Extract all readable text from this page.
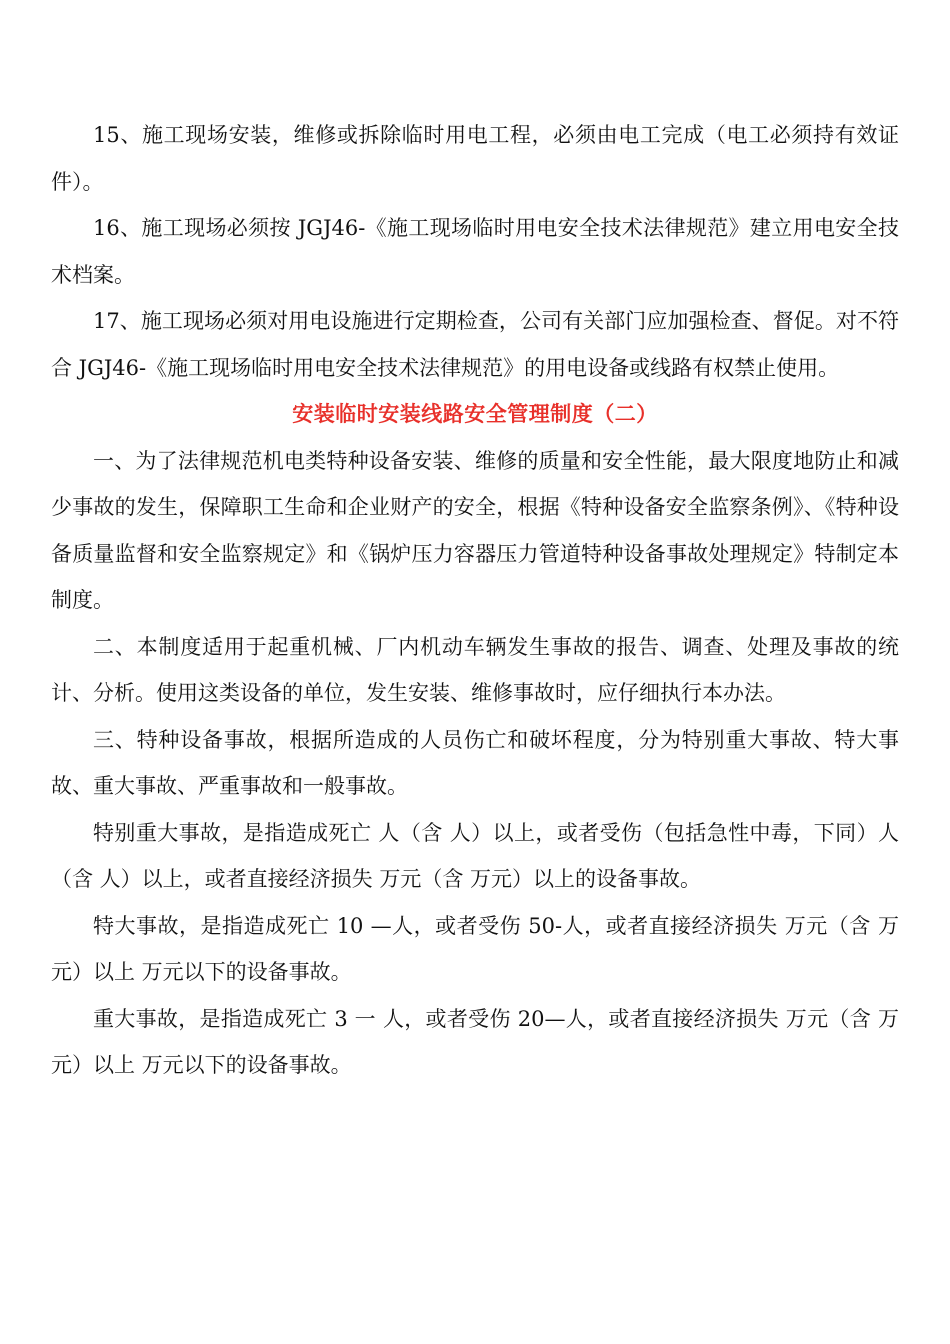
15、施工现场安装，维修或拆除临时用电工程，必须由电工完成（电工必须持有效证件）。

16、施工现场必须按 JGJ46-《施工现场临时用电安全技术法律规范》建立用电安全技术档案。

17、施工现场必须对用电设施进行定期检查，公司有关部门应加强检查、督促。对不符合 JGJ46-《施工现场临时用电安全技术法律规范》的用电设备或线路有权禁止使用。

安装临时安装线路安全管理制度（二）

一、为了法律规范机电类特种设备安装、维修的质量和安全性能，最大限度地防止和减少事故的发生，保障职工生命和企业财产的安全，根据《特种设备安全监察条例》、《特种设备质量监督和安全监察规定》和《锅炉压力容器压力管道特种设备事故处理规定》特制定本制度。

二、本制度适用于起重机械、厂内机动车辆发生事故的报告、调查、处理及事故的统计、分析。使用这类设备的单位，发生安装、维修事故时，应仔细执行本办法。

三、特种设备事故，根据所造成的人员伤亡和破坏程度，分为特别重大事故、特大事故、重大事故、严重事故和一般事故。

特别重大事故，是指造成死亡 人（含 人）以上，或者受伤（包括急性中毒，下同）人（含 人）以上，或者直接经济损失 万元（含 万元）以上的设备事故。

特大事故，是指造成死亡 10 —人，或者受伤 50-人，或者直接经济损失 万元（含 万元）以上 万元以下的设备事故。

重大事故，是指造成死亡 3 一 人，或者受伤 20—人，或者直接经济损失 万元（含 万元）以上 万元以下的设备事故。
